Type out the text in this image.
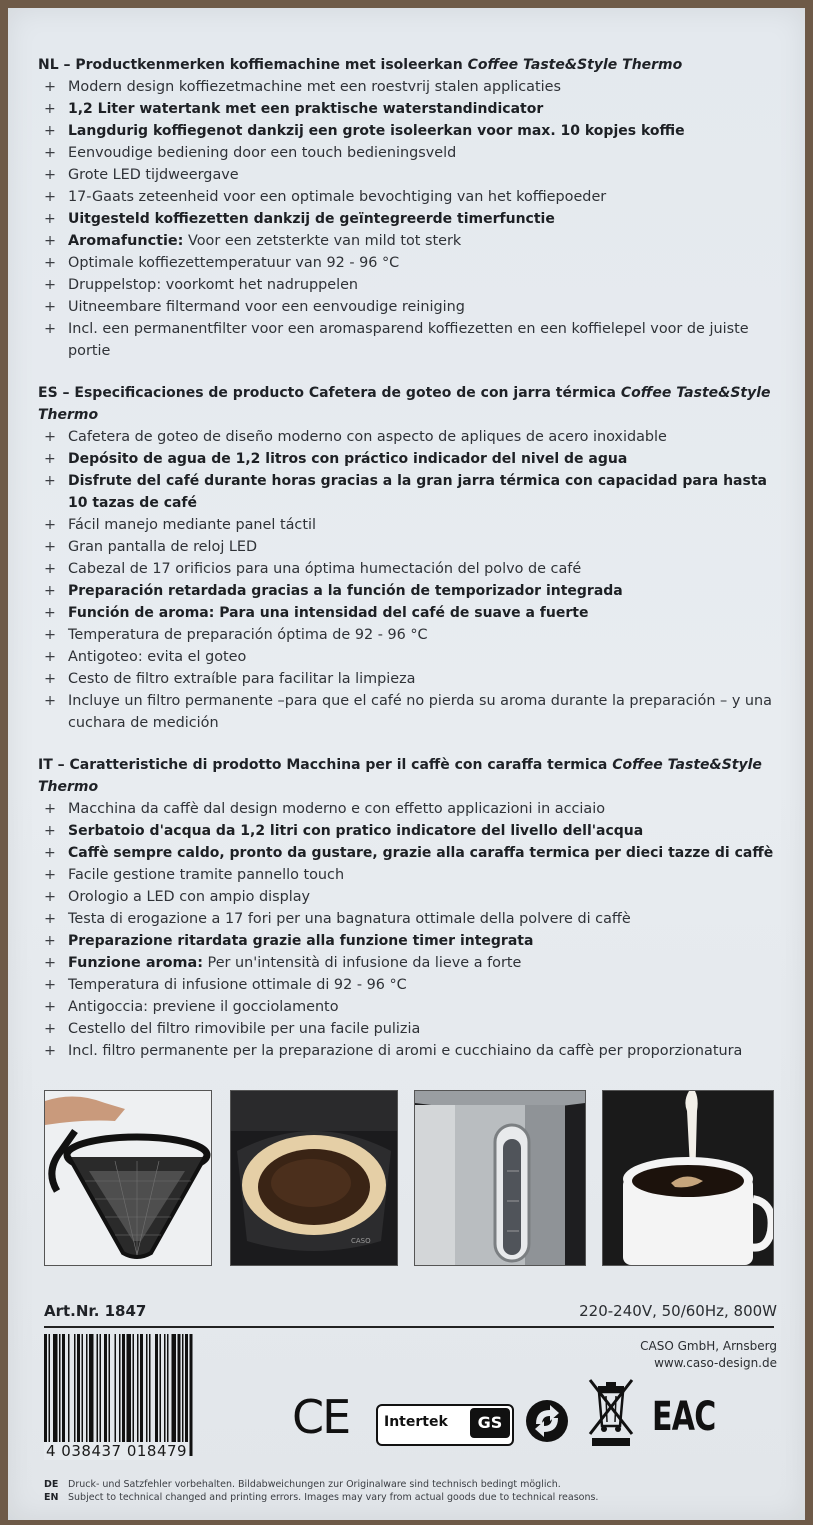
NL – Productkenmerken koffiemachine met isoleerkan Coffee Taste&Style Thermo
+ Modern design koffiezetmachine met een roestvrij stalen applicaties
+ 1,2 Liter watertank met een praktische waterstandindicator
+ Langdurig koffiegenot dankzij een grote isoleerkan voor max. 10 kopjes koffie
+ Eenvoudige bediening door een touch bedieningsveld
+ Grote LED tijdweergave
+ 17-Gaats zeteenheid voor een optimale bevochtiging van het koffiepoeder
+ Uitgesteld koffiezetten dankzij de geïntegreerde timerfunctie
+ Aromafunctie: Voor een zetsterkte van mild tot sterk
+ Optimale koffiezettemperatuur van 92 - 96 °C
+ Druppelstop: voorkomt het nadruppelen
+ Uitneembare filtermand voor een eenvoudige reiniging
+ Incl. een permanentfilter voor een aromasparend koffiezetten en een koffielepel voor de juiste portie
ES – Especificaciones de producto Cafetera de goteo de con jarra térmica Coffee Taste&Style Thermo
+ Cafetera de goteo de diseño moderno con aspecto de apliques de acero inoxidable
+ Depósito de agua de 1,2 litros con práctico indicador del nivel de agua
+ Disfrute del café durante horas gracias a la gran jarra térmica con capacidad para hasta 10 tazas de café
+ Fácil manejo mediante panel táctil
+ Gran pantalla de reloj LED
+ Cabezal de 17 orificios para una óptima humectación del polvo de café
+ Preparación retardada gracias a la función de temporizador integrada
+ Función de aroma: Para una intensidad del café de suave a fuerte
+ Temperatura de preparación óptima de 92 - 96 °C
+ Antigoteo: evita el goteo
+ Cesto de filtro extraíble para facilitar la limpieza
+ Incluye un filtro permanente –para que el café no pierda su aroma durante la preparación – y una cuchara de medición
IT – Caratteristiche di prodotto Macchina per il caffè con caraffa termica Coffee Taste&Style Thermo
+ Macchina da caffè dal design moderno e con effetto applicazioni in acciaio
+ Serbatoio d'acqua da 1,2 litri con pratico indicatore del livello dell'acqua
+ Caffè sempre caldo, pronto da gustare, grazie alla caraffa termica per dieci tazze di caffè
+ Facile gestione tramite pannello touch
+ Orologio a LED con ampio display
+ Testa di erogazione a 17 fori per una bagnatura ottimale della polvere di caffè
+ Preparazione ritardata grazie alla funzione timer integrata
+ Funzione aroma: Per un'intensità di infusione da lieve a forte
+ Temperatura di infusione ottimale di 92 - 96 °C
+ Antigoccia: previene il gocciolamento
+ Cestello del filtro rimovibile per una facile pulizia
+ Incl. filtro permanente per la preparazione di aromi e cucchiaino da caffè per proporzionatura
CASO
Art.Nr. 1847	220-240V, 50/60Hz, 800W
CASO GmbH, Arnsberg
www.caso-design.de
4 038437 018479
CE Intertek	GS	EAC
DE Druck- und Satzfehler vorbehalten. Bildabweichungen zur Originalware sind technisch bedingt möglich.
EN Subject to technical changed and printing errors. Images may vary from actual goods due to technical reasons.
